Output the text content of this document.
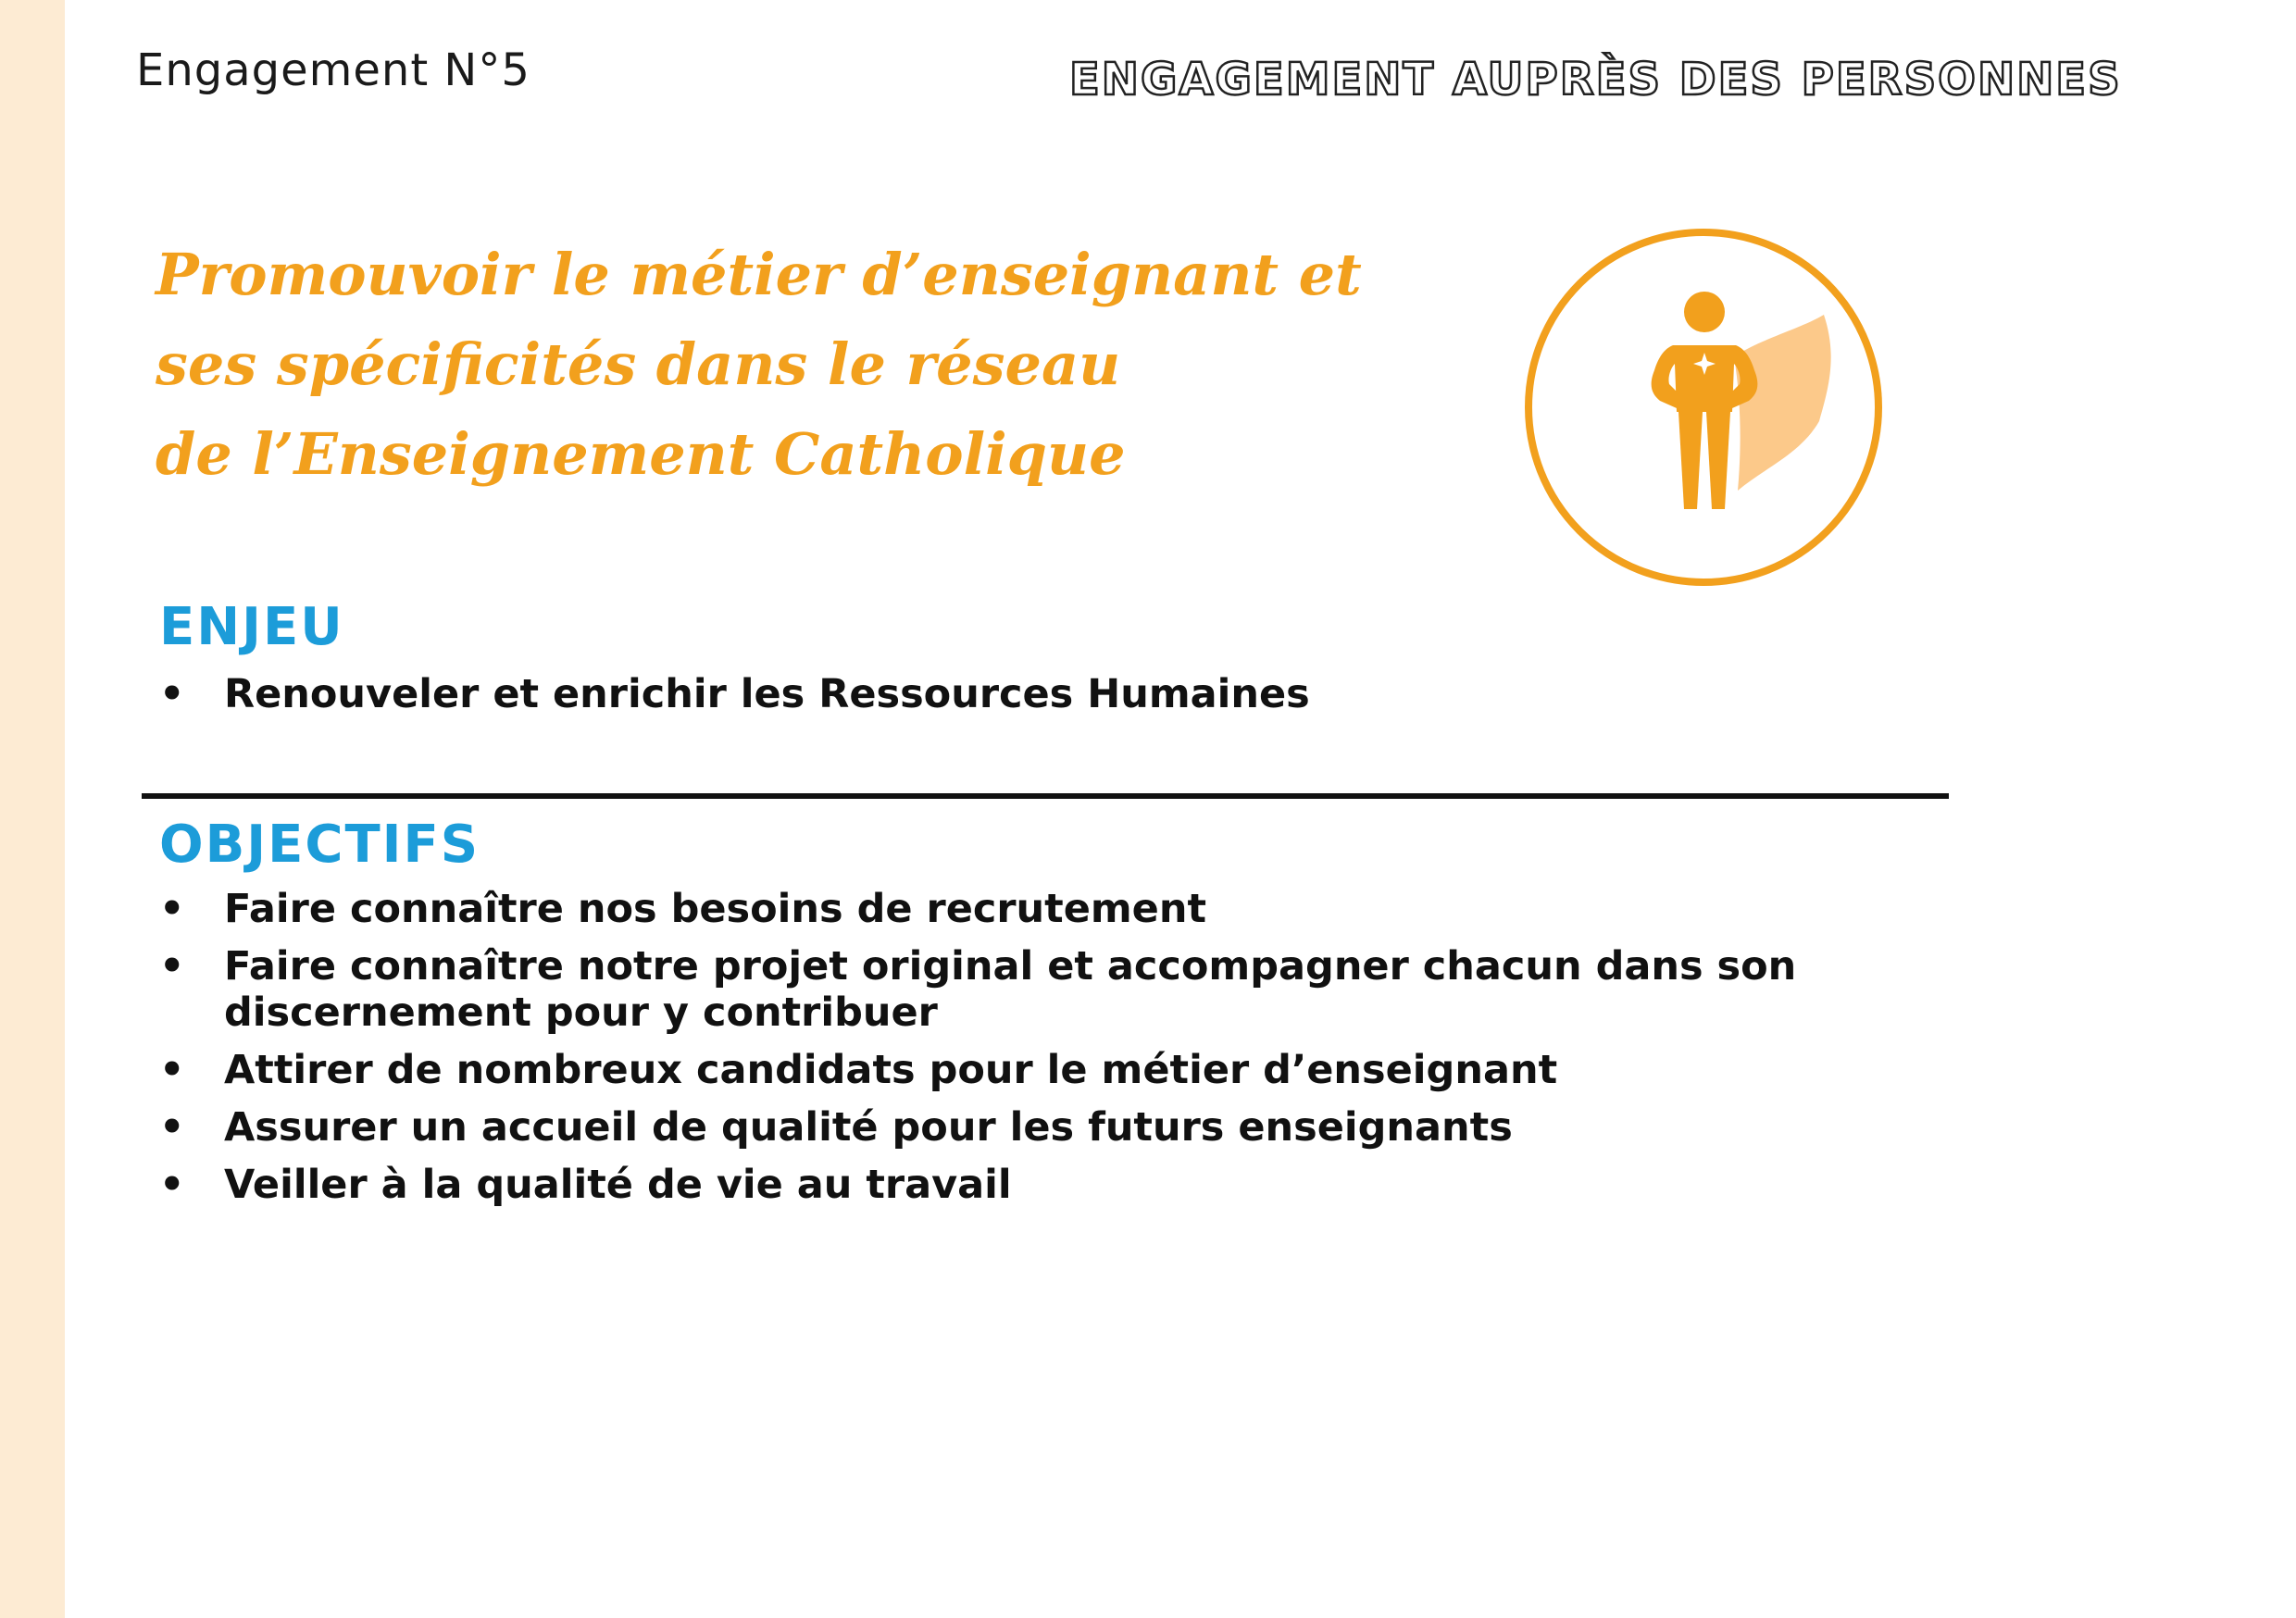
Engagement N°5	ENGAGEMENT AUPRÈS DES PERSONNES
Promouvoir le métier d’enseignant et
ses spécificités dans le réseau
de l’Enseignement Catholique
ENJEU
• Renouveler et enrichir les Ressources Humaines
OBJECTIFS
• Faire connaître nos besoins de recrutement
• Faire connaître notre projet original et accompagner chacun dans son discernement pour y contribuer
• Attirer de nombreux candidats pour le métier d’enseignant
• Assurer un accueil de qualité pour les futurs enseignants
• Veiller à la qualité de vie au travail
